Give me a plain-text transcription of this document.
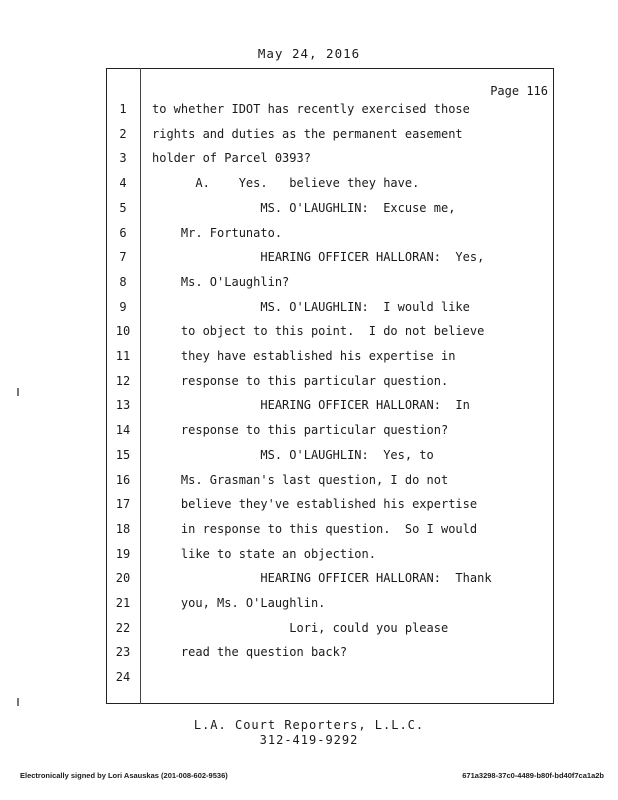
May 24, 2016
Page 116
1	to whether IDOT has recently exercised those
2	rights and duties as the permanent easement
3	holder of Parcel 0393?
4	A.    Yes.   believe they have.
5	MS. O'LAUGHLIN:  Excuse me,
6	Mr. Fortunato.
7	HEARING OFFICER HALLORAN:  Yes,
8	Ms. O'Laughlin?
9	MS. O'LAUGHLIN:  I would like
10	to object to this point.  I do not believe
11	they have established his expertise in
12	response to this particular question.
13	HEARING OFFICER HALLORAN:  In
14	response to this particular question?
15	MS. O'LAUGHLIN:  Yes, to
16	Ms. Grasman's last question, I do not
17	believe they've established his expertise
18	in response to this question.  So I would
19	like to state an objection.
20	HEARING OFFICER HALLORAN:  Thank
21	you, Ms. O'Laughlin.
22	Lori, could you please
23	read the question back?
24
L.A. Court Reporters, L.L.C.
312-419-9292
Electronically signed by Lori Asauskas (201-008-602-9536)	671a3298-37c0-4489-b80f-bd40f7ca1a2b
